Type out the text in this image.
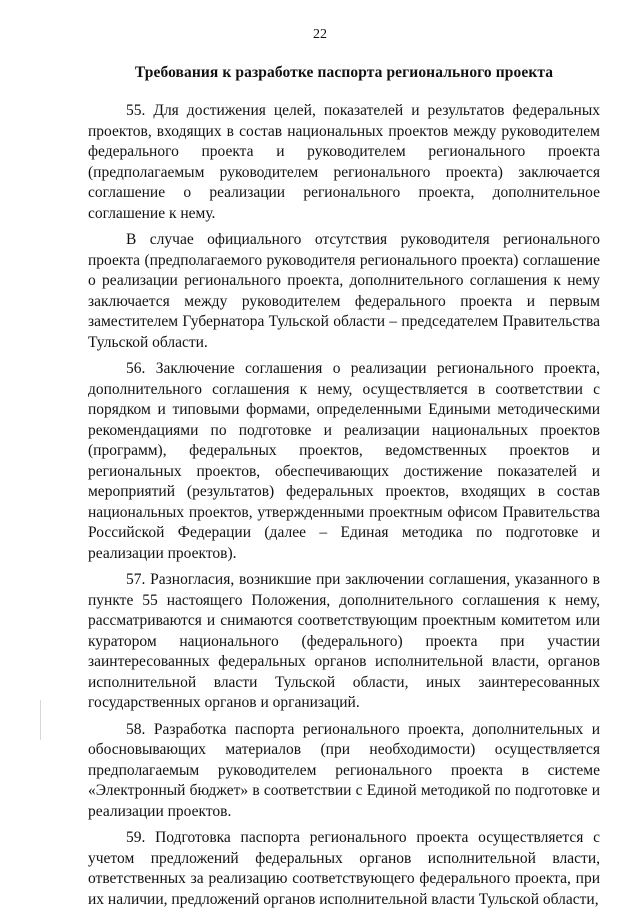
22
Требования к разработке паспорта регионального проекта

55. Для достижения целей, показателей и результатов федеральных проектов, входящих в состав национальных проектов между руководителем федерального проекта и руководителем регионального проекта (предполагаемым руководителем регионального проекта) заключается соглашение о реализации регионального проекта, дополнительное соглашение к нему.

В случае официального отсутствия руководителя регионального проекта (предполагаемого руководителя регионального проекта) соглашение о реализации регионального проекта, дополнительного соглашения к нему заключается между руководителем федерального проекта и первым заместителем Губернатора Тульской области – председателем Правительства Тульской области.

56. Заключение соглашения о реализации регионального проекта, дополнительного соглашения к нему, осуществляется в соответствии с порядком и типовыми формами, определенными Едиными методическими рекомендациями по подготовке и реализации национальных проектов (программ), федеральных проектов, ведомственных проектов и региональных проектов, обеспечивающих достижение показателей и мероприятий (результатов) федеральных проектов, входящих в состав национальных проектов, утвержденными проектным офисом Правительства Российской Федерации (далее – Единая методика по подготовке и реализации проектов).

57. Разногласия, возникшие при заключении соглашения, указанного в пункте 55 настоящего Положения, дополнительного соглашения к нему, рассматриваются и снимаются соответствующим проектным комитетом или куратором национального (федерального) проекта при участии заинтересованных федеральных органов исполнительной власти, органов исполнительной власти Тульской области, иных заинтересованных государственных органов и организаций.

58. Разработка паспорта регионального проекта, дополнительных и обосновывающих материалов (при необходимости) осуществляется предполагаемым руководителем регионального проекта в системе «Электронный бюджет» в соответствии с Единой методикой по подготовке и реализации проектов.

59. Подготовка паспорта регионального проекта осуществляется с учетом предложений федеральных органов исполнительной власти, ответственных за реализацию соответствующего федерального проекта, при их наличии, предложений органов исполнительной власти Тульской области,
